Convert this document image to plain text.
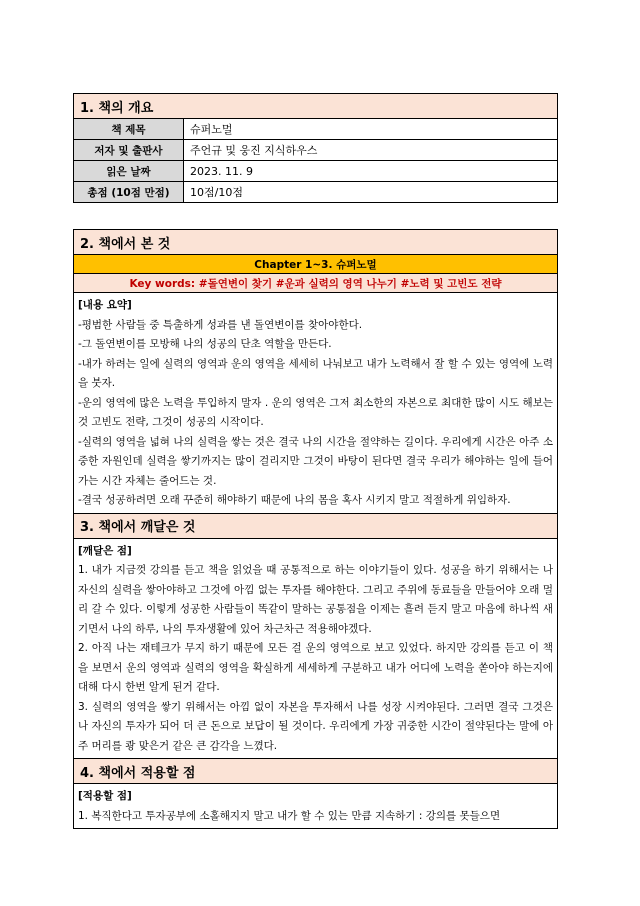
1. 책의 개요	
책 제목	슈퍼노멀
저자 및 출판사	주언규 및 웅진 지식하우스
읽은 날짜	2023. 11. 9
총점 (10점 만점)	10점/10점
2. 책에서 본 것
Chapter 1~3. 슈퍼노멀
Key words: #돌연변이 찾기 #운과 실력의 영역 나누기 #노력 및 고빈도 전략

[내용 요약]
-평범한 사람들 중 특출하게 성과를 낸 돌연변이를 찾아야한다.
-그 돌연변이를 모방해 나의 성공의 단초 역할을 만든다.
-내가 하려는 일에 실력의 영역과 운의 영역을 세세히 나눠보고 내가 노력해서 잘 할 수 있는 영역에 노력을 붓자.
-운의 영역에 많은 노력을 투입하지 말자 . 운의 영역은 그저 최소한의 자본으로 최대한 많이 시도 해보는 것 고빈도 전략, 그것이 성공의 시작이다.
-실력의 영역을 넓혀 나의 실력을 쌓는 것은 결국 나의 시간을 절약하는 길이다. 우리에게 시간은 아주 소중한 자원인데 실력을 쌓기까지는 많이 걸리지만 그것이 바탕이 된다면 결국 우리가 해야하는 일에 들어가는 시간 자체는 줄어드는 것.
-결국 성공하려면 오래 꾸준히 해야하기 때문에 나의 몸을 혹사 시키지 말고 적절하게 위임하자.

3. 책에서 깨달은 것

[깨달은 점]
1. 내가 지금껏 강의를 듣고 책을 읽었을 때 공통적으로 하는 이야기들이 있다. 성공을 하기 위해서는 나 자신의 실력을 쌓아야하고 그것에 아낌 없는 투자를 해야한다. 그리고 주위에 동료들을 만들어야 오래 멀리 갈 수 있다. 이렇게 성공한 사람들이 똑같이 말하는 공통점을 이제는 흘려 듣지 말고 마음에 하나씩 새기면서 나의 하루, 나의 투자생활에 있어 차근차근 적용해야겠다.
2. 아직 나는 재테크가 무지 하기 때문에 모든 걸 운의 영역으로 보고 있었다. 하지만 강의를 듣고 이 책을 보면서 운의 영역과 실력의 영역을 확실하게 세세하게 구분하고 내가 어디에 노력을 쏟아야 하는지에 대해 다시 한번 알게 된거 같다.
3. 실력의 영역을 쌓기 위해서는 아낌 없이 자본을 투자해서 나를 성장 시켜야된다. 그러면 결국 그것은 나 자신의 투자가 되어 더 큰 돈으로 보답이 될 것이다. 우리에게 가장 귀중한 시간이 절약된다는 말에 아주 머리를 쾅 맞은거 같은 큰 감각을 느꼈다.

4. 책에서 적용할 점

[적용할 점]
1. 복직한다고 투자공부에 소홀해지지 말고 내가 할 수 있는 만큼 지속하기 : 강의를 못들으면
